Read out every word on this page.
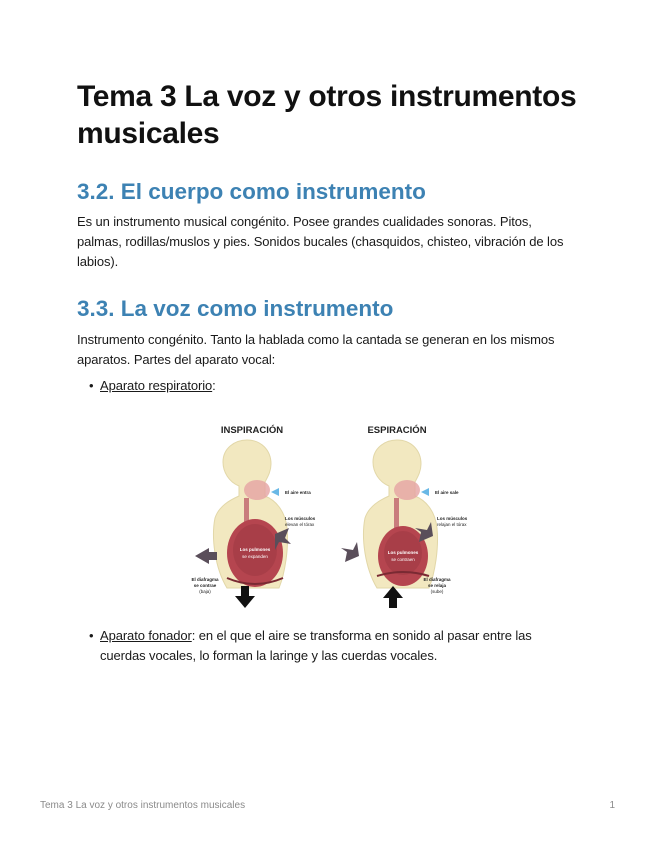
Tema 3 La voz y otros instrumentos musicales
3.2. El cuerpo como instrumento

Es un instrumento musical congénito. Posee grandes cualidades sonoras. Pitos, palmas, rodillas/muslos y pies. Sonidos bucales (chasquidos, chisteo, vibración de los labios).

3.3. La voz como instrumento

Instrumento congénito. Tanto la hablada como la cantada se generan en los mismos aparatos. Partes del aparato vocal:

• Aparato respiratorio:

INSPIRACIÓN	ESPIRACIÓN
El aire entra
Los músculos
elevan el tórax
Los pulmones
se expanden
El diafragma
se contrae
(baja)
El aire sale
Los músculos
relajan el tórax
Los pulmones
se contraen
El diafragma
se relaja
(sube)
• Aparato fonador: en el que el aire se transforma en sonido al pasar entre las cuerdas vocales, lo forman la laringe y las cuerdas vocales.

Tema 3 La voz y otros instrumentos musicales	1
